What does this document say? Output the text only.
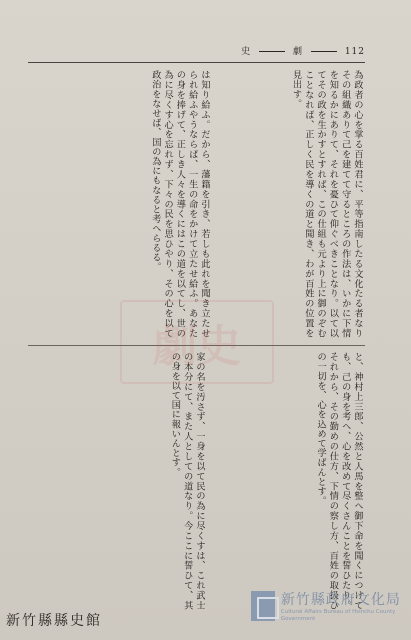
史	劇	112
為政者の心を掌る百姓君に、平等指南したる文化たる者なりその組織ありて己を建てて守るところの作法は、いかに下情を知るかにありて、それを憂ひて仰ぐべきことなり。以て以てその政を生かすとすれば、この仕組も元より上に御のぞむことなれば、正しく民を導くの道と聞き、わが百姓の位置を見出す。
は知り給ふ。だから、藩籍を引き、若しも此れを聞き立たせられ給ふやうならば、一生の命をかけて立たせ給ふ。あなたの身を捧げて、正しき人々を導くにはこの道を以てし、世の為に尽くす心を忘れず、下々の民を思ひやり、その心を以て政治をなせば、国の為にもなると考へらるる。
と、神村上三郎、公然と人馬を整へ御下命を聞くにつけても、己の身を考へ、心を改めて尽くさんことを誓ひたり。それから、その勤めの仕方、下情の察し方、百姓の取扱ひの一切を、心を込めて学ばんとす。
家の名を汚さず、一身を以て民の為に尽くすは、これ武士の本分にて、また人としての道なり。今ここに誓ひて、其の身を以て国に報いんとす。
劇史
新竹縣政府文化局
Cultural Affairs Bureau of Hsinchu County Government
新竹縣縣史館
